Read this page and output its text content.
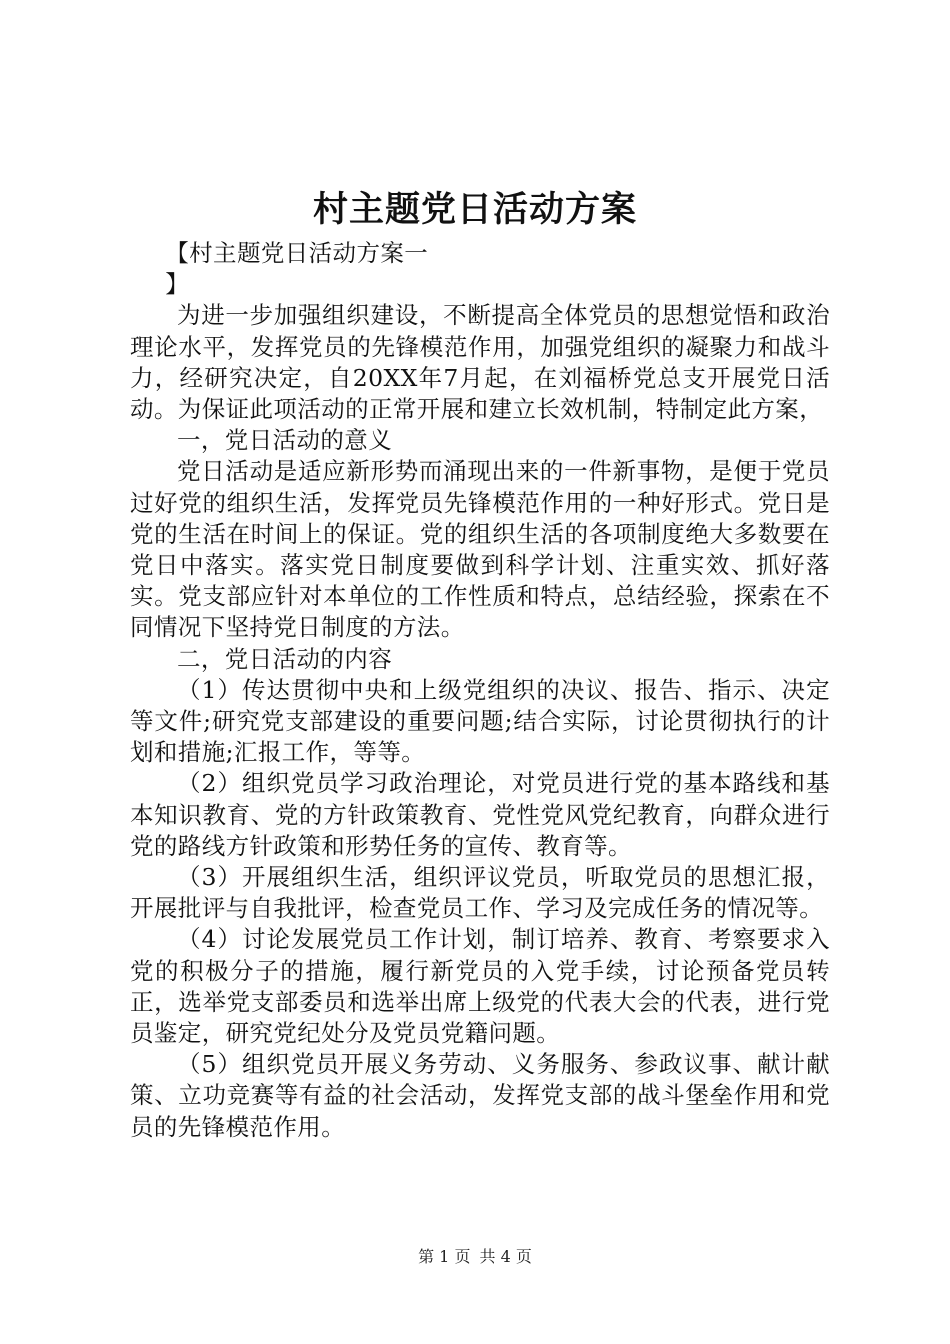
村主题党日活动方案

【村主题党日活动方案一

】

为进一步加强组织建设，不断提高全体党员的思想觉悟和政治理论水平，发挥党员的先锋模范作用，加强党组织的凝聚力和战斗力，经研究决定，自20XX年7月起，在刘福桥党总支开展党日活动。为保证此项活动的正常开展和建立长效机制，特制定此方案，

一，党日活动的意义

党日活动是适应新形势而涌现出来的一件新事物，是便于党员过好党的组织生活，发挥党员先锋模范作用的一种好形式。党日是党的生活在时间上的保证。党的组织生活的各项制度绝大多数要在党日中落实。落实党日制度要做到科学计划、注重实效、抓好落实。党支部应针对本单位的工作性质和特点，总结经验，探索在不同情况下坚持党日制度的方法。

二，党日活动的内容

（1）传达贯彻中央和上级党组织的决议、报告、指示、决定等文件;研究党支部建设的重要问题;结合实际，讨论贯彻执行的计划和措施;汇报工作，等等。

（2）组织党员学习政治理论，对党员进行党的基本路线和基本知识教育、党的方针政策教育、党性党风党纪教育，向群众进行党的路线方针政策和形势任务的宣传、教育等。

（3）开展组织生活，组织评议党员，听取党员的思想汇报，开展批评与自我批评，检查党员工作、学习及完成任务的情况等。

（4）讨论发展党员工作计划，制订培养、教育、考察要求入党的积极分子的措施，履行新党员的入党手续，讨论预备党员转正，选举党支部委员和选举出席上级党的代表大会的代表，进行党员鉴定，研究党纪处分及党员党籍问题。

（5）组织党员开展义务劳动、义务服务、参政议事、献计献策、立功竞赛等有益的社会活动，发挥党支部的战斗堡垒作用和党员的先锋模范作用。

第 1 页 共 4 页
